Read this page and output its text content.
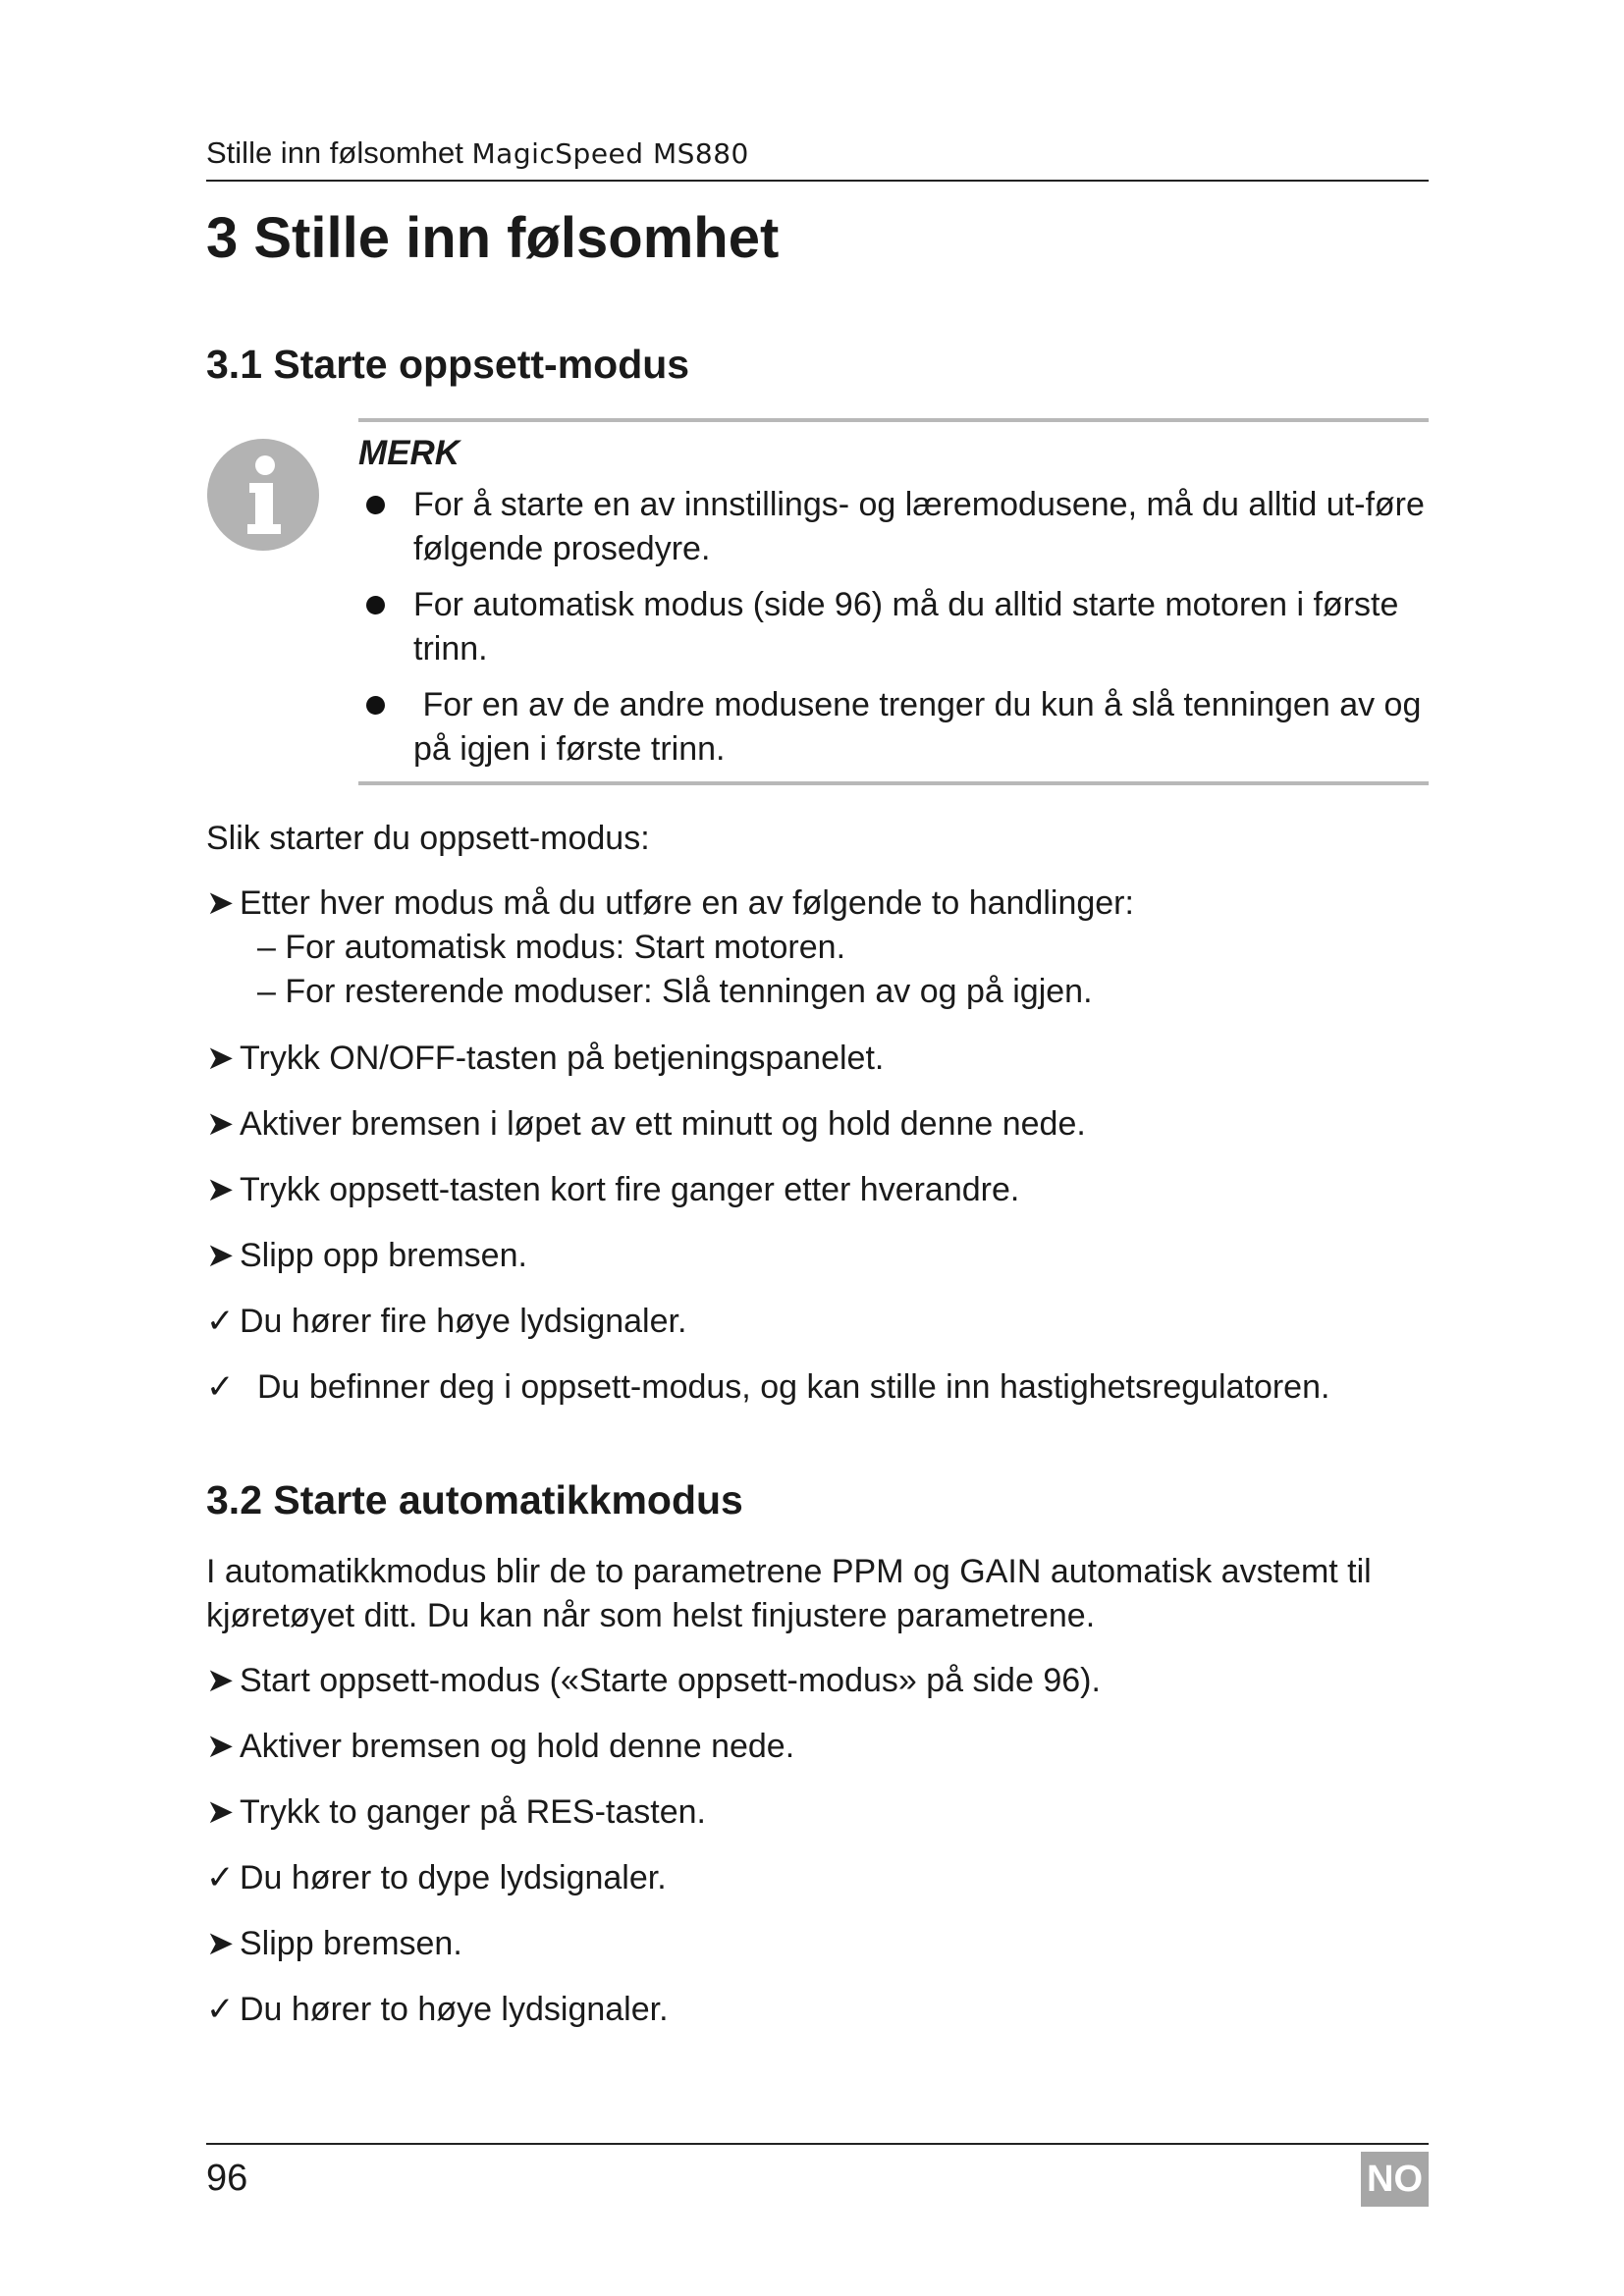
Stille inn følsomhet MagicSpeed MS880
3 Stille inn følsomhet
3.1 Starte oppsett-modus
MERK
For å starte en av innstillings- og læremodusene, må du alltid ut-føre følgende prosedyre.
For automatisk modus (side 96) må du alltid starte motoren i første trinn.
For en av de andre modusene trenger du kun å slå tenningen av og på igjen i første trinn.

Slik starter du oppsett-modus:

➤ Etter hver modus må du utføre en av følgende to handlinger:
– For automatisk modus: Start motoren.
– For resterende moduser: Slå tenningen av og på igjen.
➤ Trykk ON/OFF-tasten på betjeningspanelet.
➤ Aktiver bremsen i løpet av ett minutt og hold denne nede.
➤ Trykk oppsett-tasten kort fire ganger etter hverandre.
➤ Slipp opp bremsen.
✓ Du hører fire høye lydsignaler.
✓ Du befinner deg i oppsett-modus, og kan stille inn hastighetsregulatoren.
3.2 Starte automatikkmodus

I automatikkmodus blir de to parametrene PPM og GAIN automatisk avstemt til kjøretøyet ditt. Du kan når som helst finjustere parametrene.

➤ Start oppsett-modus («Starte oppsett-modus» på side 96).
➤ Aktiver bremsen og hold denne nede.
➤ Trykk to ganger på RES-tasten.
✓ Du hører to dype lydsignaler.
➤ Slipp bremsen.
✓ Du hører to høye lydsignaler.
96	NO
